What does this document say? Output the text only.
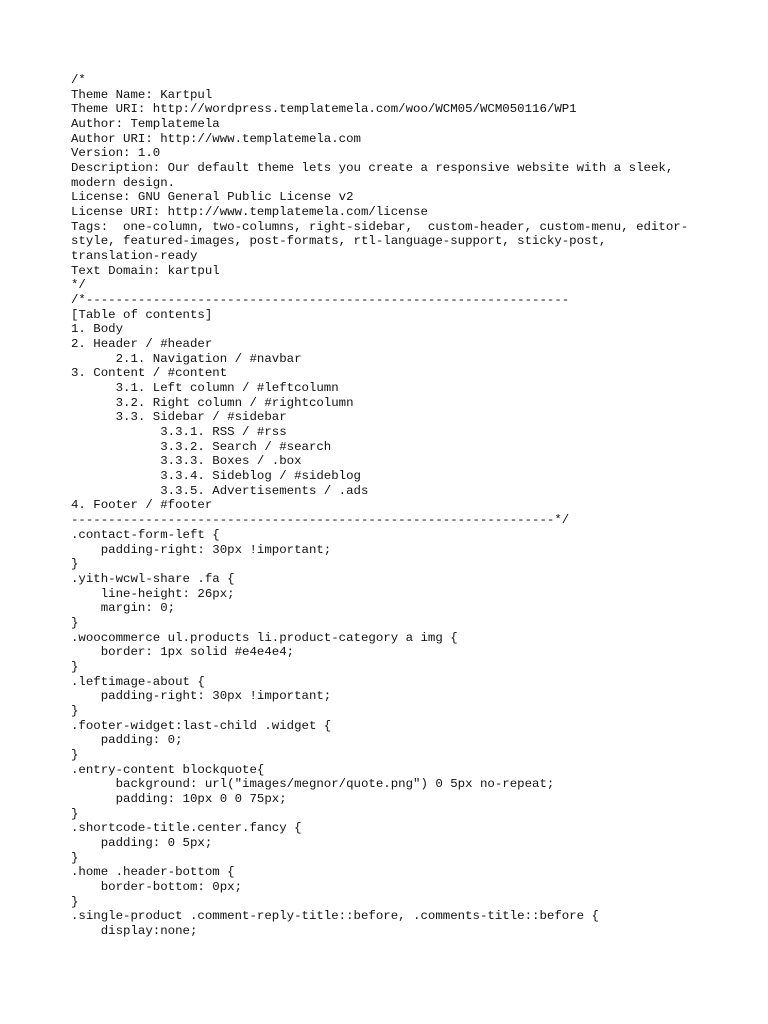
/*
Theme Name: Kartpul
Theme URI: http://wordpress.templatemela.com/woo/WCM05/WCM050116/WP1
Author: Templatemela
Author URI: http://www.templatemela.com
Version: 1.0
Description: Our default theme lets you create a responsive website with a sleek,
modern design.
License: GNU General Public License v2
License URI: http://www.templatemela.com/license
Tags:  one-column, two-columns, right-sidebar,  custom-header, custom-menu, editor-
style, featured-images, post-formats, rtl-language-support, sticky-post,
translation-ready
Text Domain: kartpul
*/
/*-----------------------------------------------------------------
[Table of contents]
1. Body
2. Header / #header
2.1. Navigation / #navbar
3. Content / #content
3.1. Left column / #leftcolumn
3.2. Right column / #rightcolumn
3.3. Sidebar / #sidebar
3.3.1. RSS / #rss
3.3.2. Search / #search
3.3.3. Boxes / .box
3.3.4. Sideblog / #sideblog
3.3.5. Advertisements / .ads
4. Footer / #footer
-----------------------------------------------------------------*/
.contact-form-left {
padding-right: 30px !important;
}
.yith-wcwl-share .fa {
line-height: 26px;
margin: 0;
}
.woocommerce ul.products li.product-category a img {
border: 1px solid #e4e4e4;
}
.leftimage-about {
padding-right: 30px !important;
}
.footer-widget:last-child .widget {
padding: 0;
}
.entry-content blockquote{
background: url("images/megnor/quote.png") 0 5px no-repeat;
padding: 10px 0 0 75px;
}
.shortcode-title.center.fancy {
padding: 0 5px;
}
.home .header-bottom {
border-bottom: 0px;
}
.single-product .comment-reply-title::before, .comments-title::before {
display:none;
